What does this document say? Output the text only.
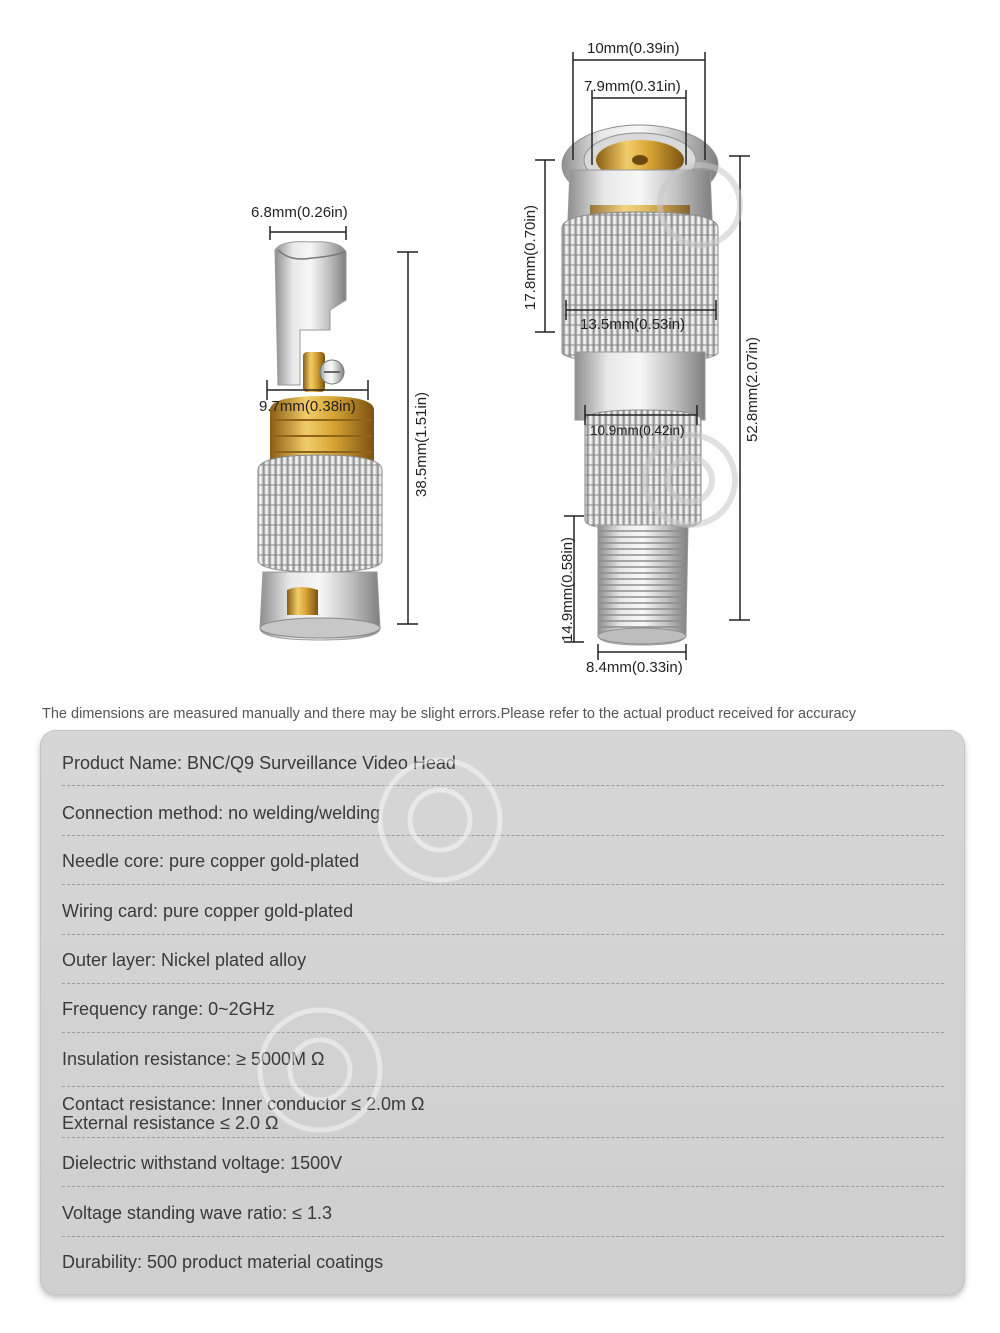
6.8mm(0.26in)
9.7mm(0.38in)	38.5mm(1.51in)
10mm(0.39in)
7.9mm(0.31in)
17.8mm(0.70in)
13.5mm(0.53in)
10.9mm(0.42in)	52.8mm(2.07in)
14.9mm(0.58in)
8.4mm(0.33in)
The dimensions are measured manually and there may be slight errors.Please refer to the actual product received for accuracy
Product Name: BNC/Q9 Surveillance Video Head
Connection method: no welding/welding
Needle core: pure copper gold-plated
Wiring card: pure copper gold-plated
Outer layer: Nickel plated alloy
Frequency range: 0~2GHz
Insulation resistance: ≥ 5000M Ω
Contact resistance: Inner conductor ≤ 2.0m Ω
External resistance ≤ 2.0 Ω
Dielectric withstand voltage: 1500V
Voltage standing wave ratio: ≤ 1.3
Durability: 500 product material coatings
